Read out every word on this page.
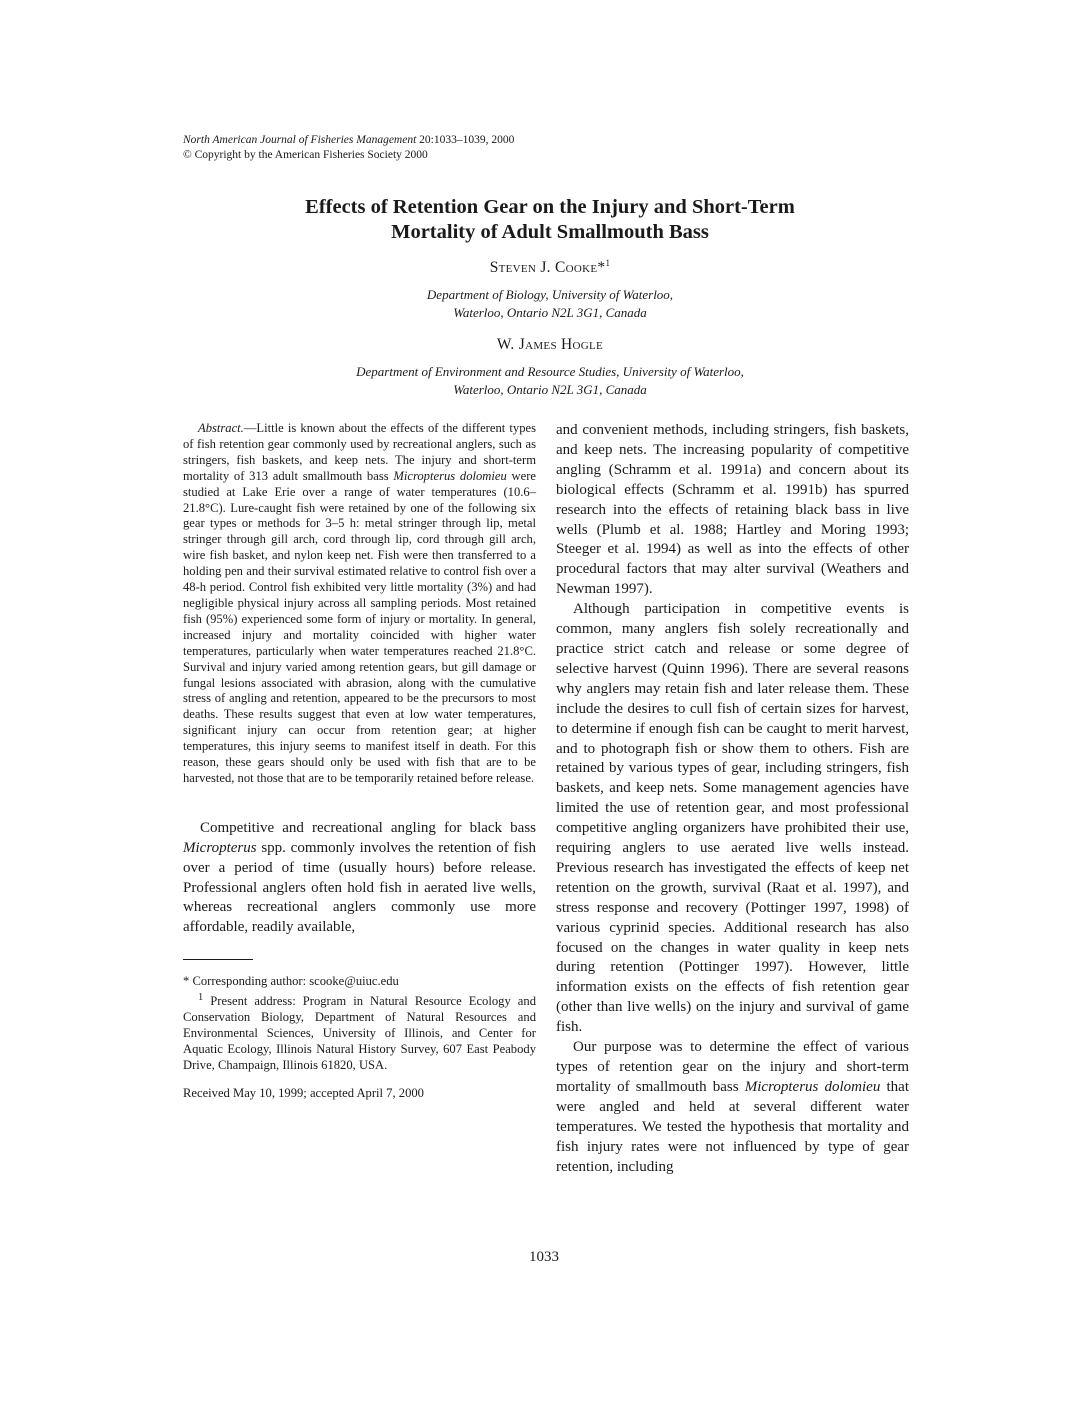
North American Journal of Fisheries Management 20:1033–1039, 2000
© Copyright by the American Fisheries Society 2000
Effects of Retention Gear on the Injury and Short-Term
Mortality of Adult Smallmouth Bass
Steven J. Cooke*$^1$
Department of Biology, University of Waterloo,
Waterloo, Ontario N2L 3G1, Canada
W. James Hogle
Department of Environment and Resource Studies, University of Waterloo,
Waterloo, Ontario N2L 3G1, Canada

Abstract.—Little is known about the effects of the different types of fish retention gear commonly used by recreational anglers, such as stringers, fish baskets, and keep nets. The injury and short-term mortality of 313 adult smallmouth bass Micropterus dolomieu were studied at Lake Erie over a range of water temperatures (10.6–21.8°C). Lure-caught fish were retained by one of the following six gear types or methods for 3–5 h: metal stringer through lip, metal stringer through gill arch, cord through lip, cord through gill arch, wire fish basket, and nylon keep net. Fish were then transferred to a holding pen and their survival estimated relative to control fish over a 48-h period. Control fish exhibited very little mortality (3%) and had negligible physical injury across all sampling periods. Most retained fish (95%) experienced some form of injury or mortality. In general, increased injury and mortality coincided with higher water temperatures, particularly when water temperatures reached 21.8°C. Survival and injury varied among retention gears, but gill damage or fungal lesions associated with abrasion, along with the cumulative stress of angling and retention, appeared to be the precursors to most deaths. These results suggest that even at low water temperatures, significant injury can occur from retention gear; at higher temperatures, this injury seems to manifest itself in death. For this reason, these gears should only be used with fish that are to be harvested, not those that are to be temporarily retained before release.

Competitive and recreational angling for black bass Micropterus spp. commonly involves the retention of fish over a period of time (usually hours) before release. Professional anglers often hold fish in aerated live wells, whereas recreational anglers commonly use more affordable, readily available,

* Corresponding author: scooke@uiuc.edu

$^1$ Present address: Program in Natural Resource Ecology and Conservation Biology, Department of Natural Resources and Environmental Sciences, University of Illinois, and Center for Aquatic Ecology, Illinois Natural History Survey, 607 East Peabody Drive, Champaign, Illinois 61820, USA.

Received May 10, 1999; accepted April 7, 2000

and convenient methods, including stringers, fish baskets, and keep nets. The increasing popularity of competitive angling (Schramm et al. 1991a) and concern about its biological effects (Schramm et al. 1991b) has spurred research into the effects of retaining black bass in live wells (Plumb et al. 1988; Hartley and Moring 1993; Steeger et al. 1994) as well as into the effects of other procedural factors that may alter survival (Weathers and Newman 1997).

Although participation in competitive events is common, many anglers fish solely recreationally and practice strict catch and release or some degree of selective harvest (Quinn 1996). There are several reasons why anglers may retain fish and later release them. These include the desires to cull fish of certain sizes for harvest, to determine if enough fish can be caught to merit harvest, and to photograph fish or show them to others. Fish are retained by various types of gear, including stringers, fish baskets, and keep nets. Some management agencies have limited the use of retention gear, and most professional competitive angling organizers have prohibited their use, requiring anglers to use aerated live wells instead. Previous research has investigated the effects of keep net retention on the growth, survival (Raat et al. 1997), and stress response and recovery (Pottinger 1997, 1998) of various cyprinid species. Additional research has also focused on the changes in water quality in keep nets during retention (Pottinger 1997). However, little information exists on the effects of fish retention gear (other than live wells) on the injury and survival of game fish.

Our purpose was to determine the effect of various types of retention gear on the injury and short-term mortality of smallmouth bass Micropterus dolomieu that were angled and held at several different water temperatures. We tested the hypothesis that mortality and fish injury rates were not influenced by type of gear retention, including

1033
